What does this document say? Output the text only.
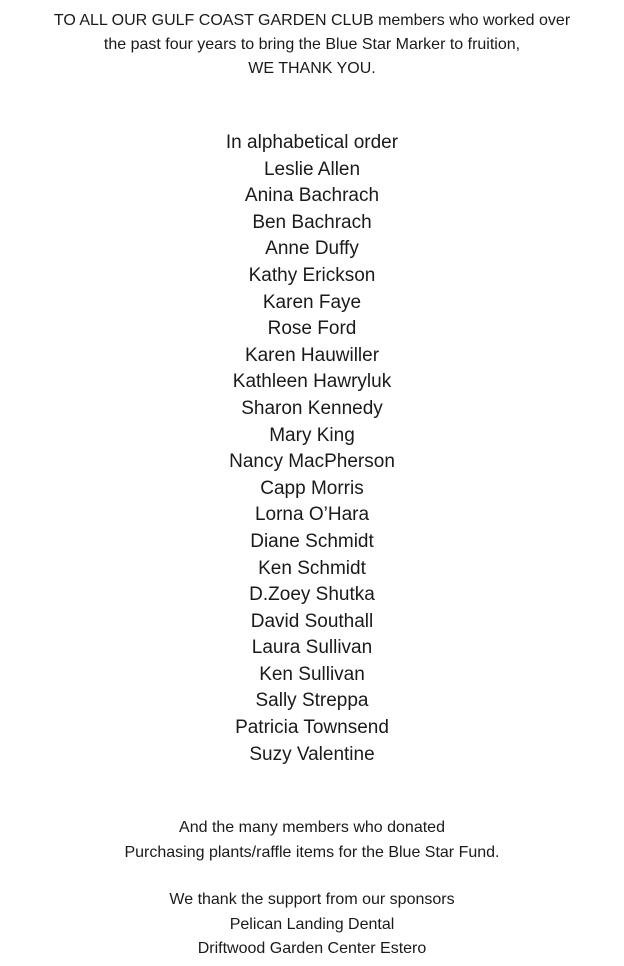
TO ALL OUR GULF COAST GARDEN CLUB members who worked over
the past four years to bring the Blue Star Marker to fruition,
WE THANK YOU.
In alphabetical order
Leslie Allen
Anina Bachrach
Ben Bachrach
Anne Duffy
Kathy Erickson
Karen Faye
Rose Ford
Karen Hauwiller
Kathleen Hawryluk
Sharon Kennedy
Mary King
Nancy MacPherson
Capp Morris
Lorna O’Hara
Diane Schmidt
Ken Schmidt
D.Zoey Shutka
David Southall
Laura Sullivan
Ken Sullivan
Sally Streppa
Patricia Townsend
Suzy Valentine
And the many members who donated
Purchasing plants/raffle items for the Blue Star Fund.
We thank the support from our sponsors
Pelican Landing Dental
Driftwood Garden Center Estero
